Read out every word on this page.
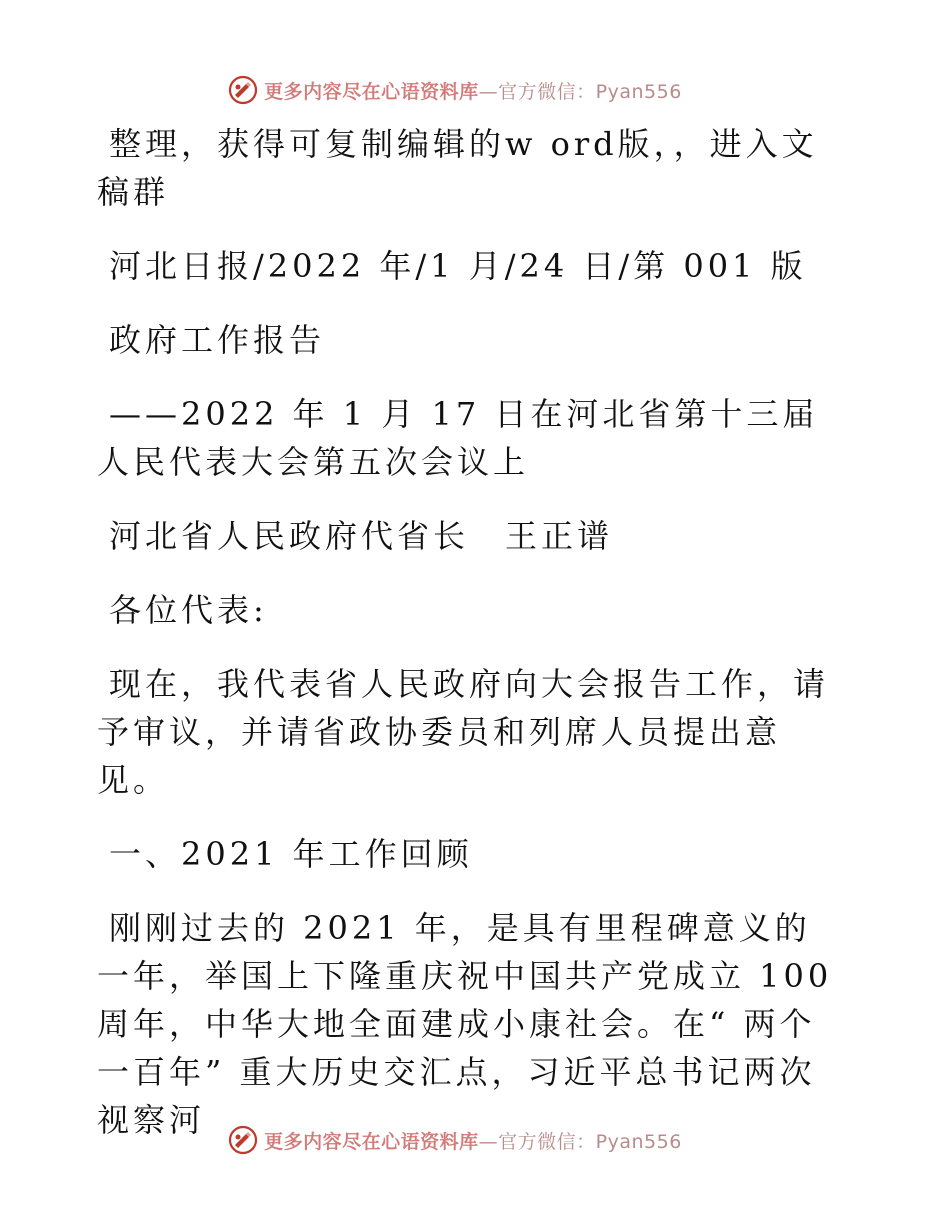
更多内容尽在心语资料库—官方微信：Pyan556

整理，获得可复制编辑的w ord版，，进入文稿群

河北日报/2022 年/1 月/24 日/第 001 版

政府工作报告

——2022 年 1 月 17 日在河北省第十三届人民代表大会第五次会议上

河北省人民政府代省长　王正谱

各位代表:

现在，我代表省人民政府向大会报告工作，请予审议，并请省政协委员和列席人员提出意见。

一、2021 年工作回顾

刚刚过去的 2021 年，是具有里程碑意义的一年，举国上下隆重庆祝中国共产党成立 100 周年，中华大地全面建成小康社会。在“ 两个一百年” 重大历史交汇点，习近平总书记两次视察河

更多内容尽在心语资料库—官方微信：Pyan556
